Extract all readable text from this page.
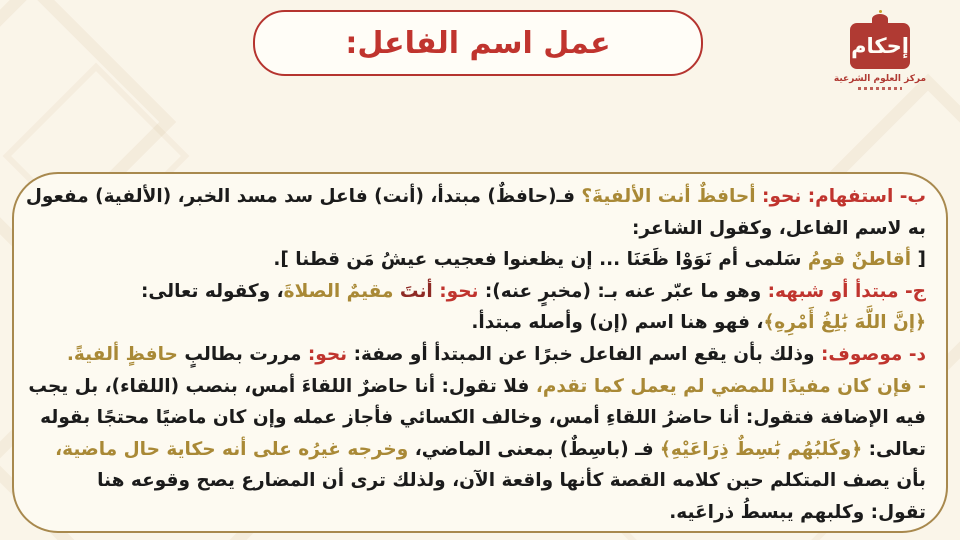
عمل اسم الفاعل:	إحكام
مركز العلوم الشرعية
ب- استفهام: نحو: أحافظٌ أنت الألفيةَ؟ فـ(حافظٌ) مبتدأ، (أنت) فاعل سد مسد الخبر، (الألفية) مفعول
به لاسم الفاعل، وكقول الشاعر:
[ أقاطنٌ قومُ سَلمى أم نَوَوْا ظَعَنَا ... إن يظعنوا فعجيب عيشُ مَن قطنا ].
ج- مبتدأ أو شبهه: وهو ما عبّر عنه بـ: (مخبرٍ عنه): نحو: أنتَ مقيمٌ الصلاةَ، وكقوله تعالى:
﴿إنَّ اللَّهَ بَٰلِغُ أَمْرِهِ﴾، فهو هنا اسم (إن) وأصله مبتدأ.
د- موصوف: وذلك بأن يقع اسم الفاعل خبرًا عن المبتدأ أو صفة: نحو: مررت بطالبٍ حافظٍ ألفيةً.
- فإن كان مفيدًا للمضي لم يعمل كما تقدم، فلا تقول: أنا حاضرٌ اللقاءَ أمس، بنصب (اللقاء)، بل يجب
فيه الإضافة فتقول: أنا حاضرُ اللقاءِ أمس، وخالف الكسائي فأجاز عمله وإن كان ماضيًا محتجًا بقوله
تعالى: ﴿وكَلبُهُم بَٰسِطٌ ذِرَاعَيْهِ﴾ فـ (باسِطٌ) بمعنى الماضي، وخرجه غيرُه على أنه حكاية حال ماضية،
بأن يصف المتكلم حين كلامه القصة كأنها واقعة الآن، ولذلك ترى أن المضارع يصح وقوعه هنا
تقول: وكلبهم يبسطُ ذراعَيه.
